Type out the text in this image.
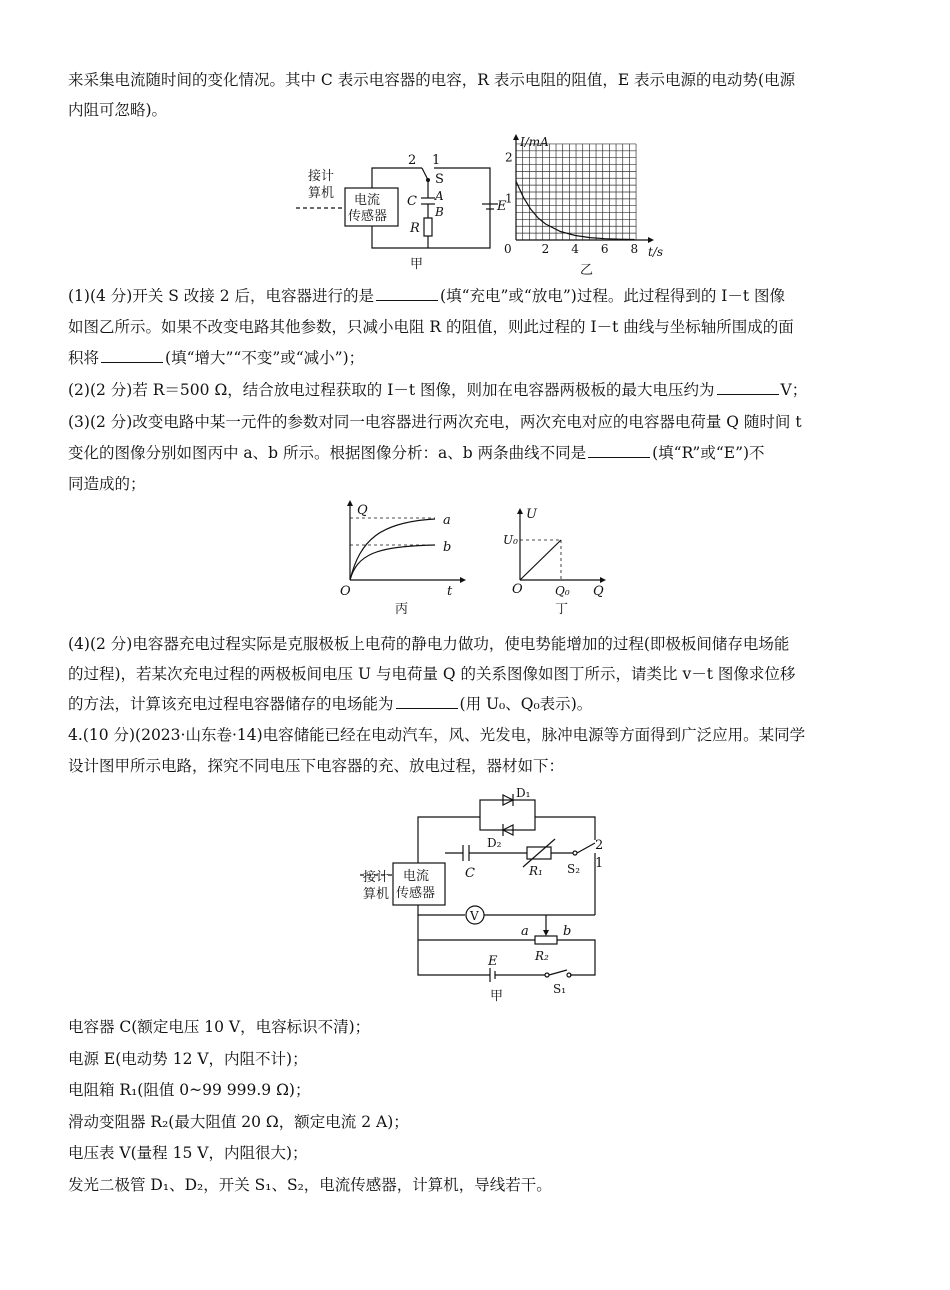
来采集电流随时间的变化情况。其中 C 表示电容器的电容，R 表示电阻的阻值，E 表示电源的电动势(电源
内阻可忽略)。
接计
算机 电流
传感器
2 1
S
C A
B
R
E
甲
0 2 4 6 8
1
2
I/mA
t/s
乙
(1)(4 分)开关 S 改接 2 后，电容器进行的是	(填“充电”或“放电”)过程。此过程得到的 I－t 图像
如图乙所示。如果不改变电路其他参数，只减小电阻 R 的阻值，则此过程的 I－t 曲线与坐标轴所围成的面
积将	(填“增大”“不变”或“减小”)；
(2)(2 分)若 R＝500 Ω，结合放电过程获取的 I－t 图像，则加在电容器两极板的最大电压约为	V；
(3)(2 分)改变电路中某一元件的参数对同一电容器进行两次充电，两次充电对应的电容器电荷量 Q 随时间 t
变化的图像分别如图丙中 a、b 所示。根据图像分析：a、b 两条曲线不同是	(填“R”或“E”)不
同造成的；
Q
a
b
O	t
丙
U
U₀
Q₀ Q
O
丁
(4)(2 分)电容器充电过程实际是克服极板上电荷的静电力做功，使电势能增加的过程(即极板间储存电场能
的过程)，若某次充电过程的两极板间电压 U 与电荷量 Q 的关系图像如图丁所示，请类比 v－t 图像求位移
的方法，计算该充电过程电容器储存的电场能为	(用 U₀、Q₀表示)。
4.(10 分)(2023·山东卷·14)电容储能已经在电动汽车，风、光发电，脉冲电源等方面得到广泛应用。某同学
设计图甲所示电路，探究不同电压下电容器的充、放电过程，器材如下：
接计
算机
电流
传感器
D₁
D₂
C	R₁ S₂
2
1
V
a	b
R₂
E
S₁
甲
电容器 C(额定电压 10 V，电容标识不清)；
电源 E(电动势 12 V，内阻不计)；
电阻箱 R₁(阻值 0~99 999.9 Ω)；
滑动变阻器 R₂(最大阻值 20 Ω，额定电流 2 A)；
电压表 V(量程 15 V，内阻很大)；
发光二极管 D₁、D₂，开关 S₁、S₂，电流传感器，计算机，导线若干。
